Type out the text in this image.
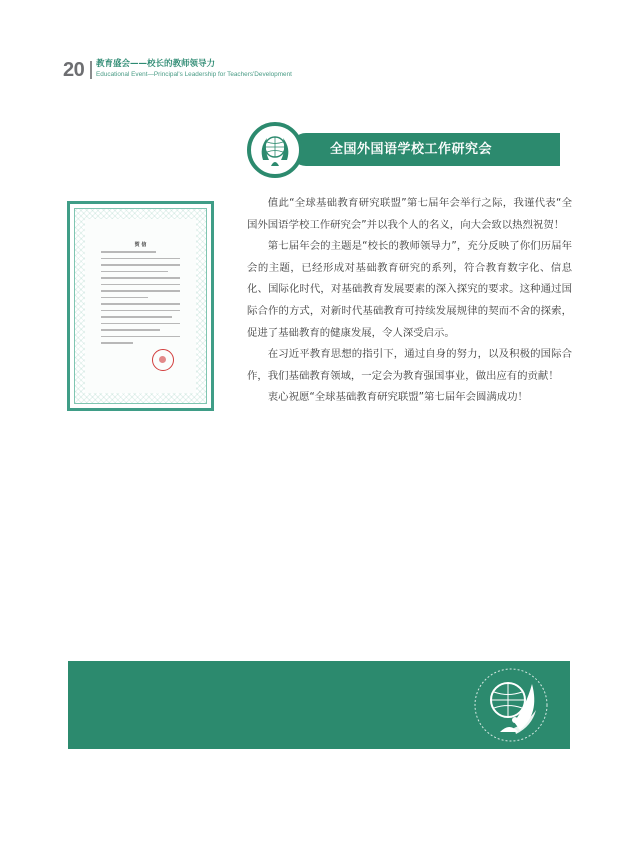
20 教育盛会——校长的教师领导力
Educational Event—Principal's Leadership for Teachers'Development
全国外国语学校工作研究会
贺 信

值此“全球基础教育研究联盟”第七届年会举行之际，我谨代表“全国外国语学校工作研究会”并以我个人的名义，向大会致以热烈祝贺！

第七届年会的主题是“校长的教师领导力”，充分反映了你们历届年会的主题，已经形成对基础教育研究的系列，符合教育数字化、信息化、国际化时代，对基础教育发展要素的深入探究的要求。这种通过国际合作的方式，对新时代基础教育可持续发展规律的契而不舍的探索，促进了基础教育的健康发展，令人深受启示。

在习近平教育思想的指引下，通过自身的努力，以及积极的国际合作，我们基础教育领域，一定会为教育强国事业，做出应有的贡献！

衷心祝愿“全球基础教育研究联盟”第七届年会圆满成功！
